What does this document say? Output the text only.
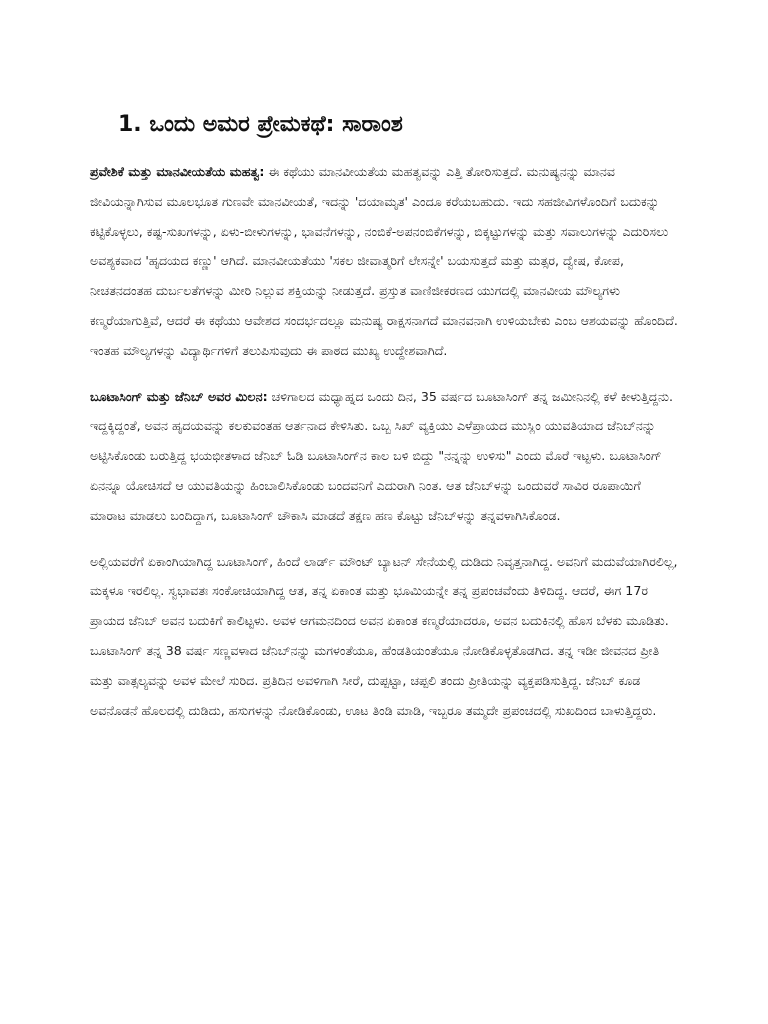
1. ಒಂದು ಅಮರ ಪ್ರೇಮಕಥೆ: ಸಾರಾಂಶ

ಪ್ರವೇಶಿಕೆ ಮತ್ತು ಮಾನವೀಯತೆಯ ಮಹತ್ವ: ಈ ಕಥೆಯು ಮಾನವೀಯತೆಯ ಮಹತ್ವವನ್ನು ಎತ್ತಿ ತೋರಿಸುತ್ತದೆ. ಮನುಷ್ಯನನ್ನು ಮಾನವ ಜೀವಿಯನ್ನಾಗಿಸುವ ಮೂಲಭೂತ ಗುಣವೇ ಮಾನವೀಯತೆ, ಇದನ್ನು 'ದಯಾಮೃತ' ಎಂದೂ ಕರೆಯಬಹುದು. ಇದು ಸಹಜೀವಿಗಳೊಂದಿಗೆ ಬದುಕನ್ನು ಕಟ್ಟಿಕೊಳ್ಳಲು, ಕಷ್ಟ-ಸುಖಗಳನ್ನು, ಏಳು-ಬೀಳುಗಳನ್ನು, ಭಾವನೆಗಳನ್ನು, ನಂಬಿಕೆ-ಅಪನಂಬಿಕೆಗಳನ್ನು, ಬಿಕ್ಕಟ್ಟುಗಳನ್ನು ಮತ್ತು ಸವಾಲುಗಳನ್ನು ಎದುರಿಸಲು ಅವಶ್ಯಕವಾದ 'ಹೃದಯದ ಕಣ್ಣು' ಆಗಿದೆ. ಮಾನವೀಯತೆಯು 'ಸಕಲ ಜೀವಾತ್ಮರಿಗೆ ಲೇಸನ್ನೇ' ಬಯಸುತ್ತದೆ ಮತ್ತು ಮತ್ಸರ, ದ್ವೇಷ, ಕೋಪ, ನೀಚತನದಂತಹ ದುರ್ಬಲತೆಗಳನ್ನು ಮೀರಿ ನಿಲ್ಲುವ ಶಕ್ತಿಯನ್ನು ನೀಡುತ್ತದೆ. ಪ್ರಸ್ತುತ ವಾಣಿಜೀಕರಣದ ಯುಗದಲ್ಲಿ ಮಾನವೀಯ ಮೌಲ್ಯಗಳು ಕಣ್ಮರೆಯಾಗುತ್ತಿವೆ, ಆದರೆ ಈ ಕಥೆಯು ಆವೇಶದ ಸಂದರ್ಭದಲ್ಲೂ ಮನುಷ್ಯ ರಾಕ್ಷಸನಾಗದೆ ಮಾನವನಾಗಿ ಉಳಿಯಬೇಕು ಎಂಬ ಆಶಯವನ್ನು ಹೊಂದಿದೆ. ಇಂತಹ ಮೌಲ್ಯಗಳನ್ನು ವಿದ್ಯಾರ್ಥಿಗಳಿಗೆ ತಲುಪಿಸುವುದು ಈ ಪಾಠದ ಮುಖ್ಯ ಉದ್ದೇಶವಾಗಿದೆ.

ಬೂಟಾಸಿಂಗ್ ಮತ್ತು ಜೆನಿಬ್ ಅವರ ಮಿಲನ: ಚಳಿಗಾಲದ ಮಧ್ಯಾಹ್ನದ ಒಂದು ದಿನ, 35 ವರ್ಷದ ಬೂಟಾಸಿಂಗ್ ತನ್ನ ಜಮೀನಿನಲ್ಲಿ ಕಳೆ ಕೀಳುತ್ತಿದ್ದನು. ಇದ್ದಕ್ಕಿದ್ದಂತೆ, ಅವನ ಹೃದಯವನ್ನು ಕಲಕುವಂತಹ ಆರ್ತನಾದ ಕೇಳಿಸಿತು. ಒಬ್ಬ ಸಿಖ್ ವ್ಯಕ್ತಿಯು ಎಳೆಪ್ರಾಯದ ಮುಸ್ಲಿಂ ಯುವತಿಯಾದ ಜೆನಿಬ್‌ನನ್ನು ಅಟ್ಟಿಸಿಕೊಂಡು ಬರುತ್ತಿದ್ದ ಭಯಭೀತಳಾದ ಜೆನಿಬ್ ಓಡಿ ಬೂಟಾಸಿಂಗ್‌ನ ಕಾಲ ಬಳಿ ಬಿದ್ದು "ನನ್ನನ್ನು ಉಳಿಸು" ಎಂದು ಮೊರೆ ಇಟ್ಟಳು. ಬೂಟಾಸಿಂಗ್ ಏನನ್ನೂ ಯೋಚಿಸದೆ ಆ ಯುವತಿಯನ್ನು ಹಿಂಬಾಲಿಸಿಕೊಂಡು ಬಂದವನಿಗೆ ಎದುರಾಗಿ ನಿಂತ. ಆತ ಜೆನಿಬ್‌ಳನ್ನು ಒಂದುವರೆ ಸಾವಿರ ರೂಪಾಯಿಗೆ ಮಾರಾಟ ಮಾಡಲು ಬಂದಿದ್ದಾಗ, ಬೂಟಾಸಿಂಗ್ ಚೌಕಾಸಿ ಮಾಡದೆ ತಕ್ಷಣ ಹಣ ಕೊಟ್ಟು ಜೆನಿಬ್‌ಳನ್ನು ತನ್ನವಳಾಗಿಸಿಕೊಂಡ.

ಅಲ್ಲಿಯವರೆಗೆ ಏಕಾಂಗಿಯಾಗಿದ್ದ ಬೂಟಾಸಿಂಗ್, ಹಿಂದೆ ಲಾರ್ಡ್ ಮೌಂಟ್ ಬ್ಯಾಟನ್ ಸೇನೆಯಲ್ಲಿ ದುಡಿದು ನಿವೃತ್ತನಾಗಿದ್ದ. ಅವನಿಗೆ ಮದುವೆಯಾಗಿರಲಿಲ್ಲ, ಮಕ್ಕಳೂ ಇರಲಿಲ್ಲ. ಸ್ವಭಾವತಃ ಸಂಕೋಚಿಯಾಗಿದ್ದ ಆತ, ತನ್ನ ಏಕಾಂತ ಮತ್ತು ಭೂಮಿಯನ್ನೇ ತನ್ನ ಪ್ರಪಂಚವೆಂದು ತಿಳಿದಿದ್ದ. ಆದರೆ, ಈಗ 17ರ ಪ್ರಾಯದ ಜೆನಿಬ್ ಅವನ ಬದುಕಿಗೆ ಕಾಲಿಟ್ಟಳು. ಅವಳ ಆಗಮನದಿಂದ ಅವನ ಏಕಾಂತ ಕಣ್ಮರೆಯಾದರೂ, ಅವನ ಬದುಕಿನಲ್ಲಿ ಹೊಸ ಬೆಳಕು ಮೂಡಿತು. ಬೂಟಾಸಿಂಗ್ ತನ್ನ 38 ವರ್ಷ ಸಣ್ಣವಳಾದ ಜೆನಿಬ್‌ನನ್ನು ಮಗಳಂತೆಯೂ, ಹೆಂಡತಿಯಂತೆಯೂ ನೋಡಿಕೊಳ್ಳತೊಡಗಿದ. ತನ್ನ ಇಡೀ ಜೀವನದ ಪ್ರೀತಿ ಮತ್ತು ವಾತ್ಸಲ್ಯವನ್ನು ಅವಳ ಮೇಲೆ ಸುರಿದ. ಪ್ರತಿದಿನ ಅವಳಿಗಾಗಿ ಸೀರೆ, ದುಪ್ಪಟ್ಟಾ, ಚಪ್ಪಲಿ ತಂದು ಪ್ರೀತಿಯನ್ನು ವ್ಯಕ್ತಪಡಿಸುತ್ತಿದ್ದ. ಜೆನಿಬ್ ಕೂಡ ಅವನೊಡನೆ ಹೊಲದಲ್ಲಿ ದುಡಿದು, ಹಸುಗಳನ್ನು ನೋಡಿಕೊಂಡು, ಊಟ ತಿಂಡಿ ಮಾಡಿ, ಇಬ್ಬರೂ ತಮ್ಮದೇ ಪ್ರಪಂಚದಲ್ಲಿ ಸುಖದಿಂದ ಬಾಳುತ್ತಿದ್ದರು.
